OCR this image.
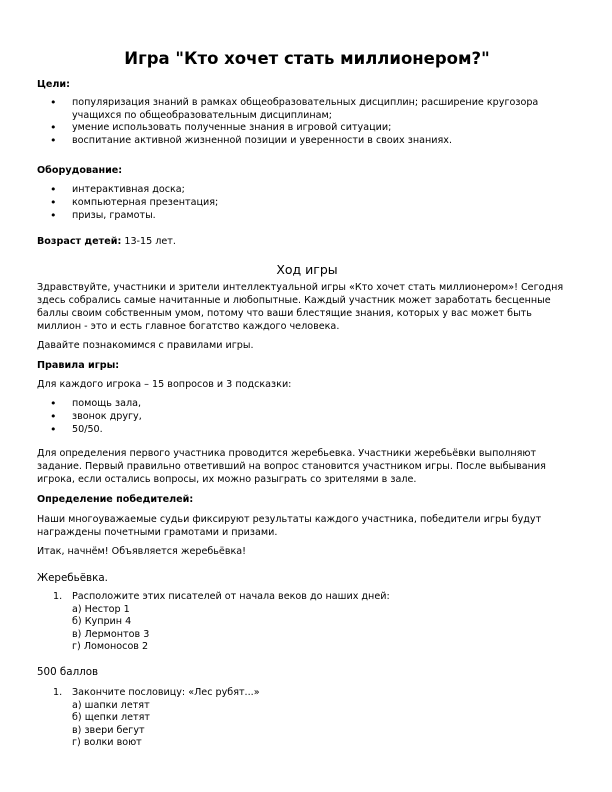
Игра "Кто хочет стать миллионером?"
Цели:
• популяризация знаний в рамках общеобразовательных дисциплин; расширение кругозора учащихся по общеобразовательным дисциплинам;
• умение использовать полученные знания в игровой ситуации;
• воспитание активной жизненной позиции и уверенности в своих знаниях.
Оборудование:
• интерактивная доска;
• компьютерная презентация;
• призы, грамоты.
Возраст детей: 13-15 лет.
Ход игры
Здравствуйте, участники и зрители интеллектуальной игры «Кто хочет стать миллионером»! Сегодня здесь собрались самые начитанные и любопытные. Каждый участник может заработать бесценные баллы своим собственным умом, потому что ваши блестящие знания, которых у вас может быть миллион - это и есть главное богатство каждого человека.
Давайте познакомимся с правилами игры.
Правила игры:
Для каждого игрока – 15 вопросов и 3 подсказки:
• помощь зала,
• звонок другу,
• 50/50.
Для определения первого участника проводится жеребьевка. Участники жеребьёвки выполняют задание. Первый правильно ответивший на вопрос становится участником игры. После выбывания игрока, если остались вопросы, их можно разыграть со зрителями в зале.
Определение победителей:
Наши многоуважаемые судьи фиксируют результаты каждого участника, победители игры будут награждены почетными грамотами и призами.
Итак, начнём! Объявляется жеребьёвка!
Жеребьёвка.
1. Расположите этих писателей от начала веков до наших дней:
а) Нестор 1
б) Куприн 4
в) Лермонтов 3
г) Ломоносов 2
500 баллов
1. Закончите пословицу: «Лес рубят...»
а) шапки летят
б) щепки летят
в) звери бегут
г) волки воют
